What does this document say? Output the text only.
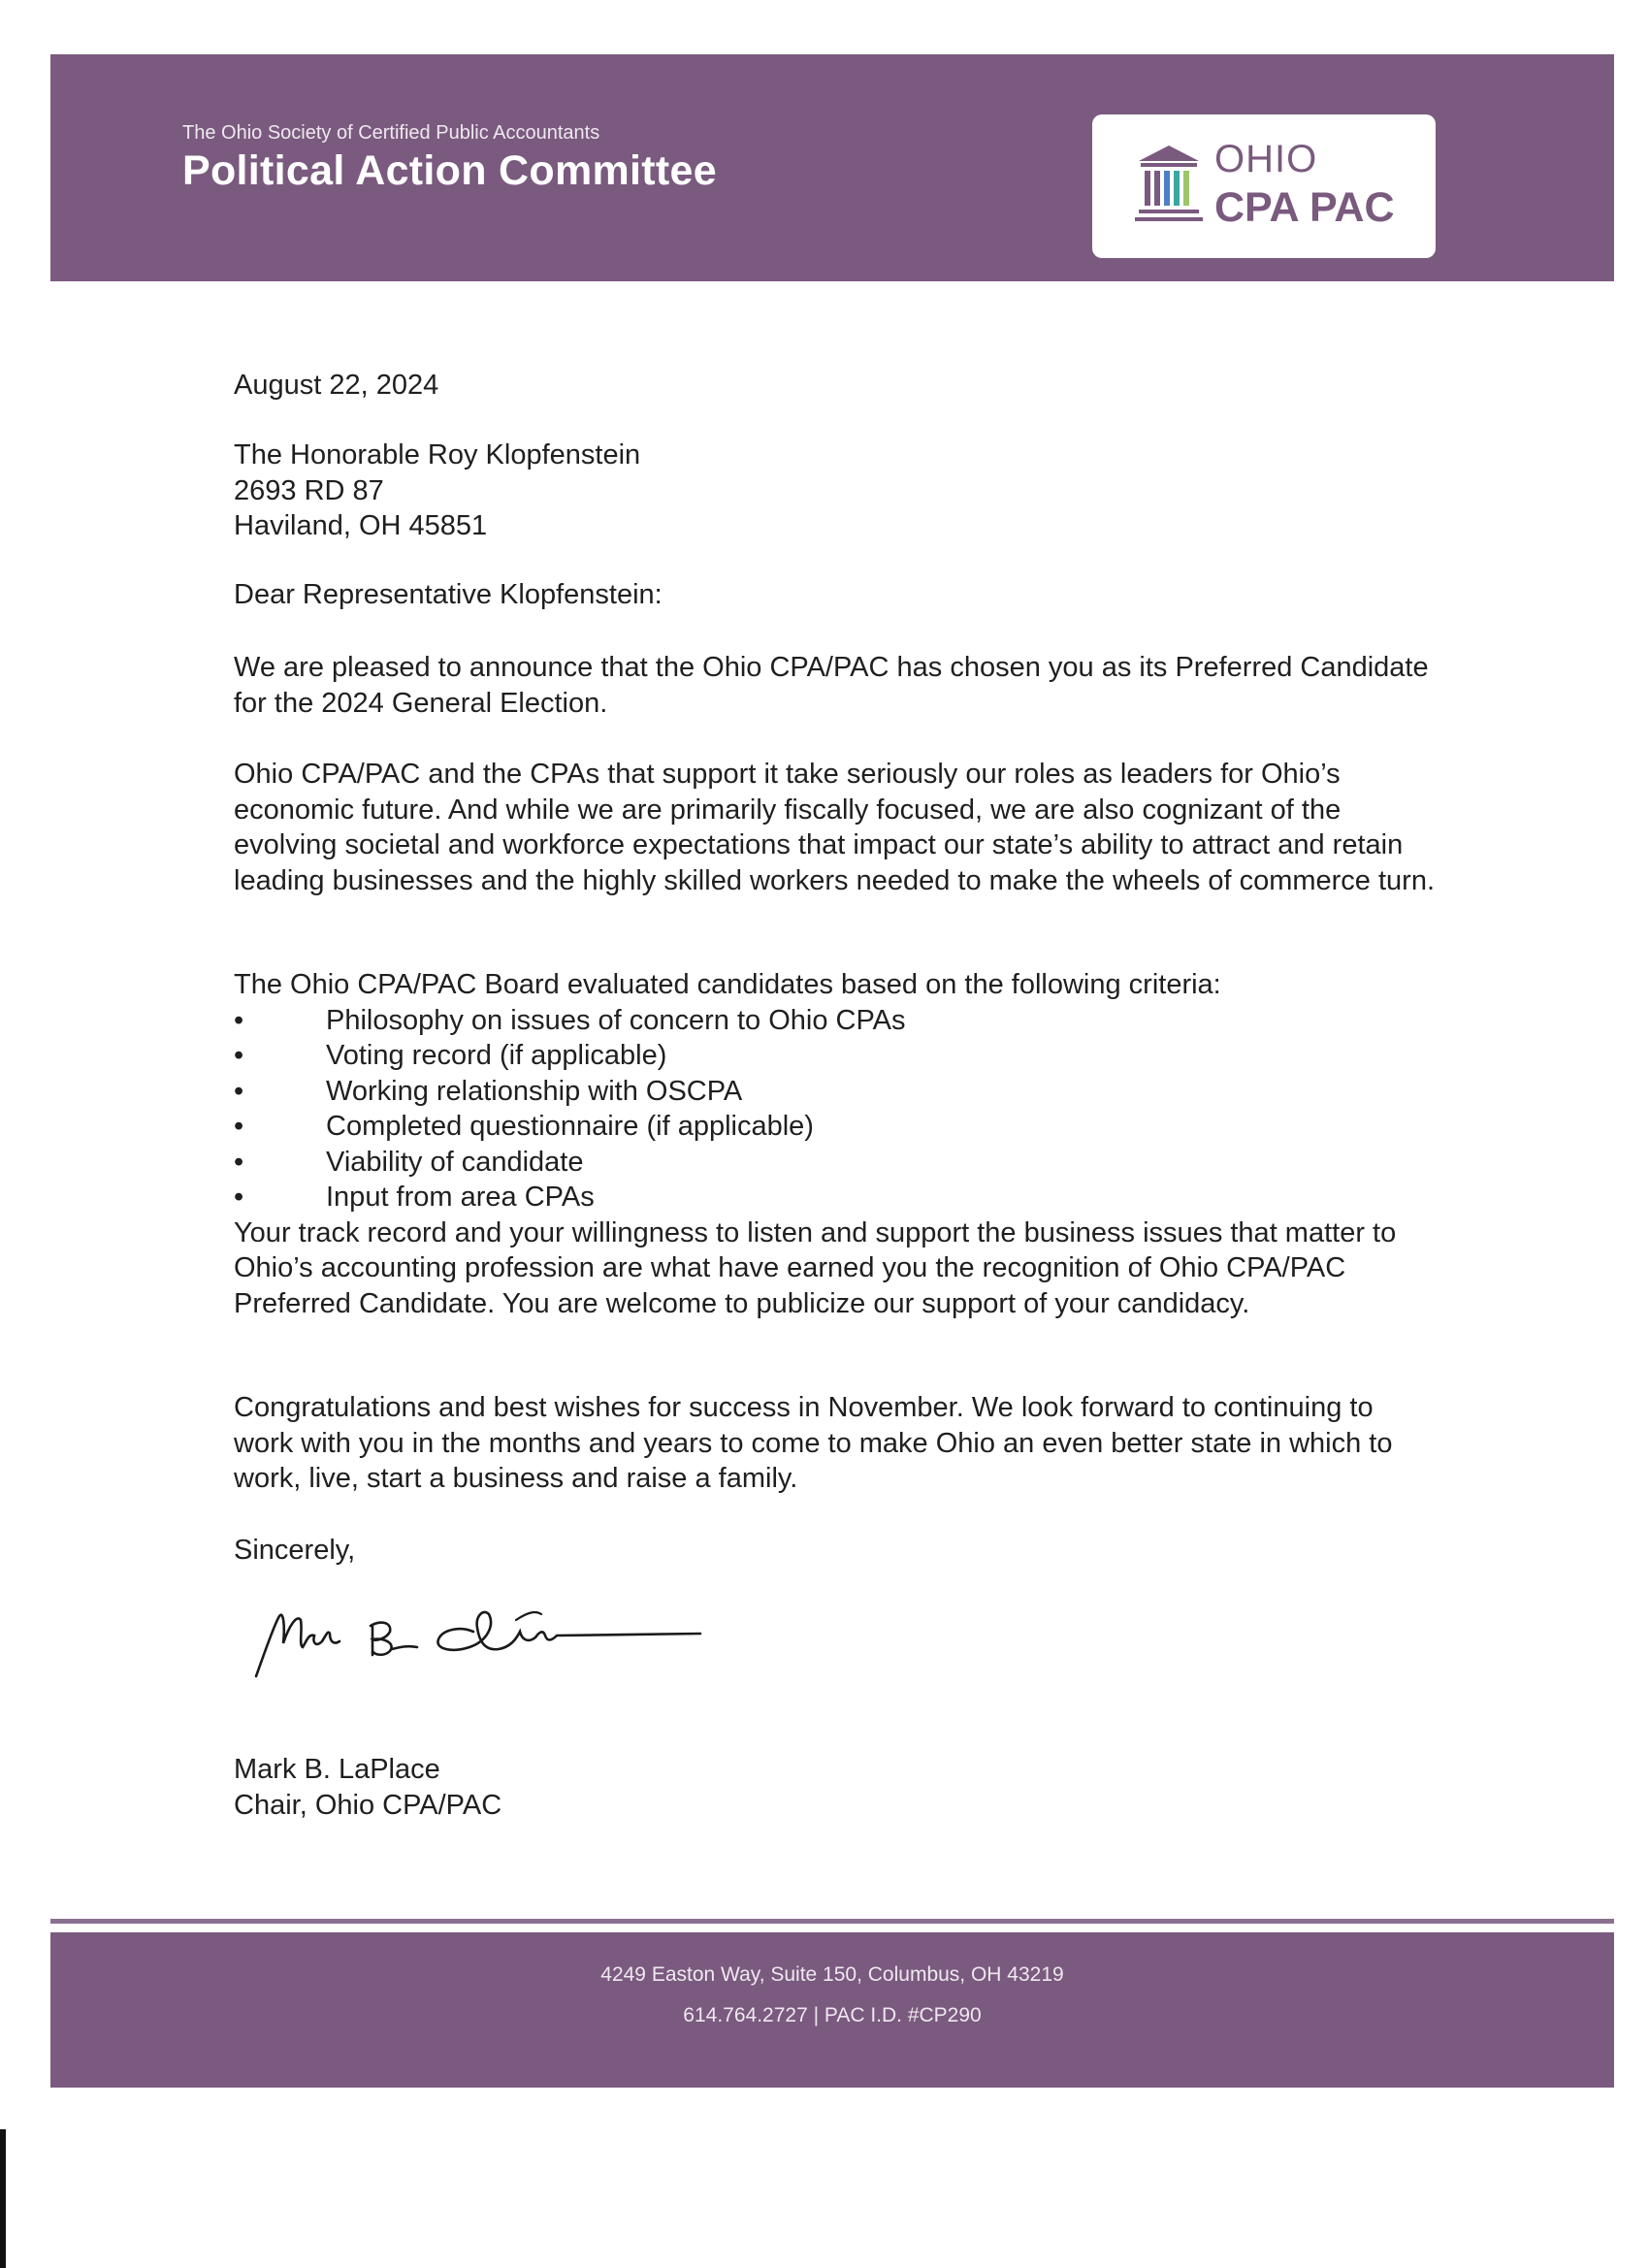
The Ohio Society of Certified Public Accountants
Political Action Committee	OHIO
CPA PAC
August 22, 2024

The Honorable Roy Klopfenstein

2693 RD 87

Haviland, OH 45851

Dear Representative Klopfenstein:
We are pleased to announce that the Ohio CPA/PAC has chosen you as its Preferred Candidate for the 2024 General Election.
Ohio CPA/PAC and the CPAs that support it take seriously our roles as leaders for Ohio’s economic future. And while we are primarily fiscally focused, we are also cognizant of the evolving societal and workforce expectations that impact our state’s ability to attract and retain leading businesses and the highly skilled workers needed to make the wheels of commerce turn.

The Ohio CPA/PAC Board evaluated candidates based on the following criteria:

• Philosophy on issues of concern to Ohio CPAs
• Voting record (if applicable)
• Working relationship with OSCPA
• Completed questionnaire (if applicable)
• Viability of candidate
• Input from area CPAs

Your track record and your willingness to listen and support the business issues that matter to Ohio’s accounting profession are what have earned you the recognition of Ohio CPA/PAC Preferred Candidate. You are welcome to publicize our support of your candidacy.

Congratulations and best wishes for success in November. We look forward to continuing to work with you in the months and years to come to make Ohio an even better state in which to work, live, start a business and raise a family.
Sincerely,

Mark B. LaPlace

Chair, Ohio CPA/PAC

4249 Easton Way, Suite 150, Columbus, OH 43219
614.764.2727 | PAC I.D. #CP290
